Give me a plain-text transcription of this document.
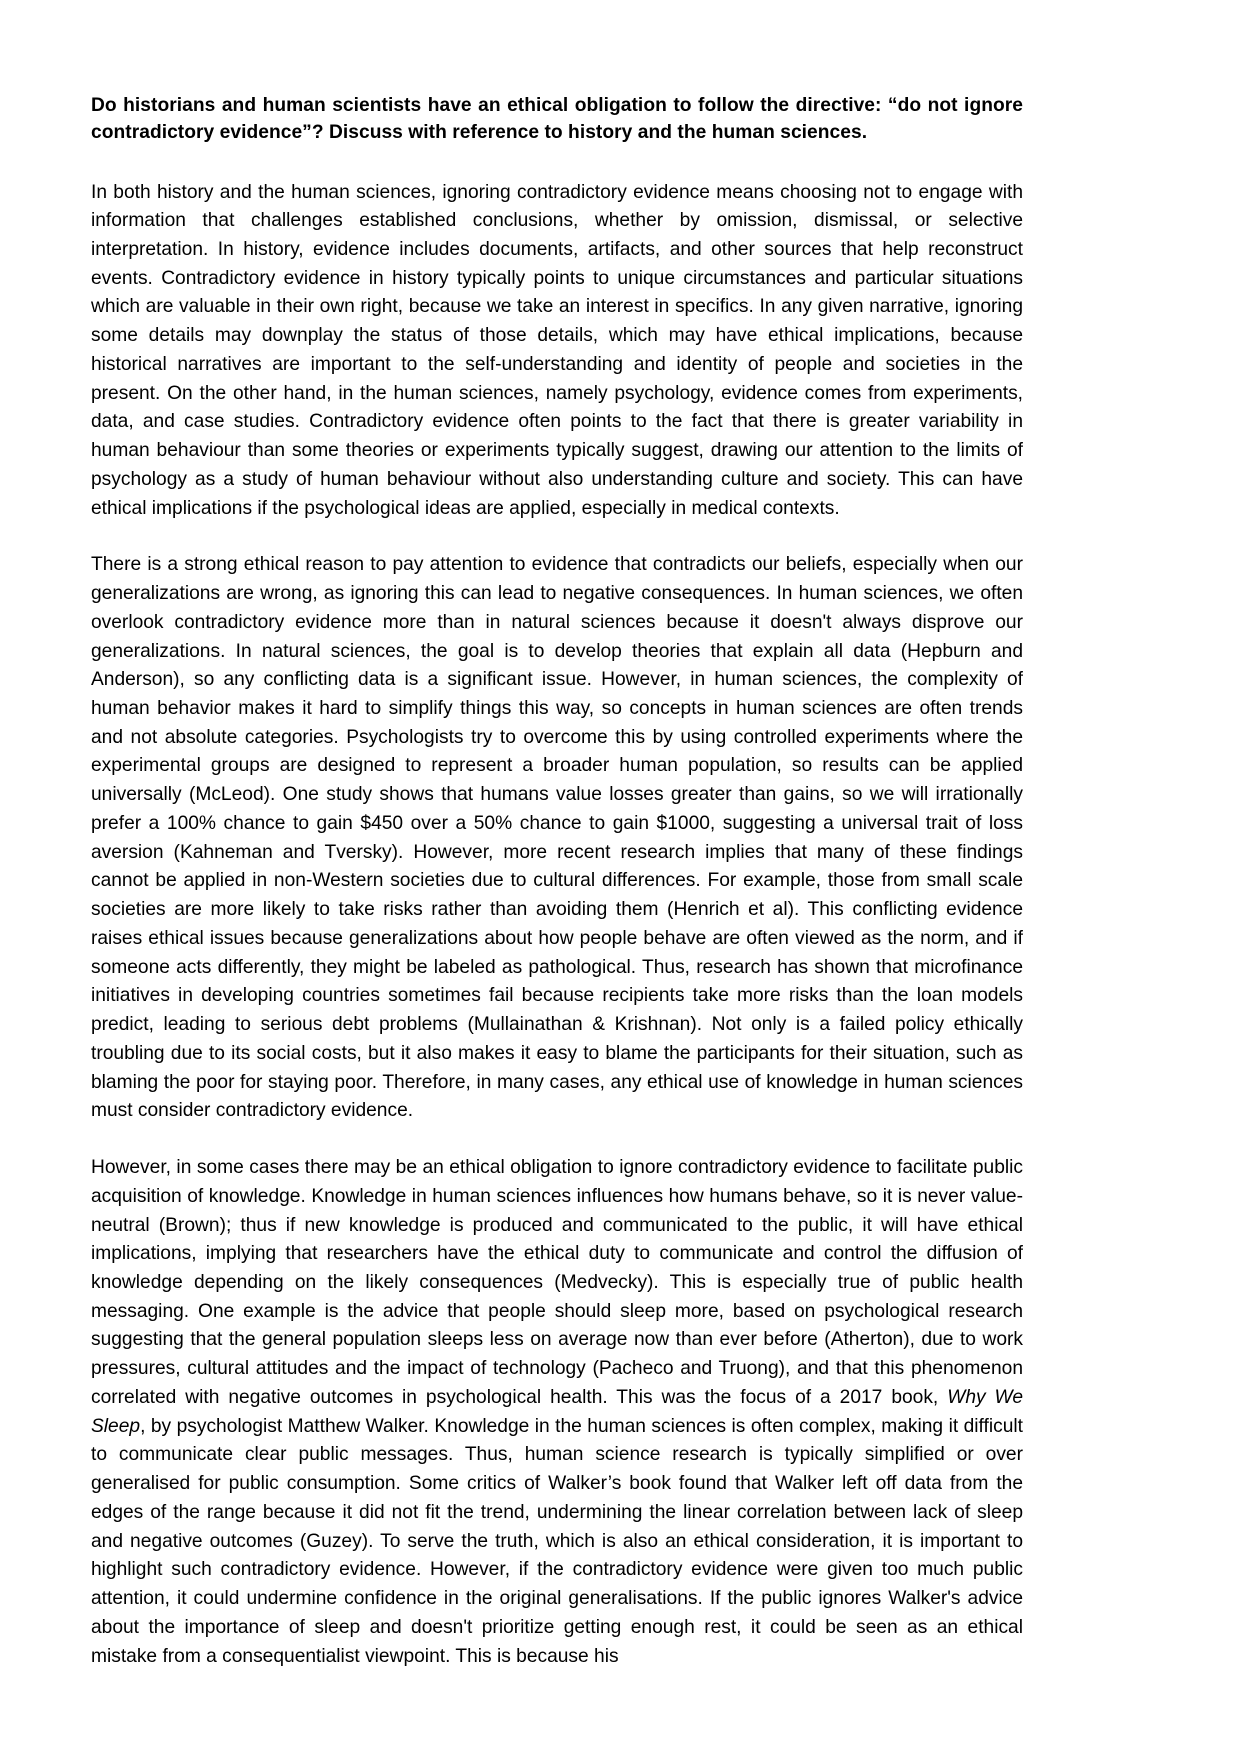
Do historians and human scientists have an ethical obligation to follow the directive: “do not ignore contradictory evidence”? Discuss with reference to history and the human sciences.

In both history and the human sciences, ignoring contradictory evidence means choosing not to engage with information that challenges established conclusions, whether by omission, dismissal, or selective interpretation. In history, evidence includes documents, artifacts, and other sources that help reconstruct events. Contradictory evidence in history typically points to unique circumstances and particular situations which are valuable in their own right, because we take an interest in specifics. In any given narrative, ignoring some details may downplay the status of those details, which may have ethical implications, because historical narratives are important to the self-understanding and identity of people and societies in the present. On the other hand, in the human sciences, namely psychology, evidence comes from experiments, data, and case studies. Contradictory evidence often points to the fact that there is greater variability in human behaviour than some theories or experiments typically suggest, drawing our attention to the limits of psychology as a study of human behaviour without also understanding culture and society. This can have ethical implications if the psychological ideas are applied, especially in medical contexts.

There is a strong ethical reason to pay attention to evidence that contradicts our beliefs, especially when our generalizations are wrong, as ignoring this can lead to negative consequences. In human sciences, we often overlook contradictory evidence more than in natural sciences because it doesn't always disprove our generalizations. In natural sciences, the goal is to develop theories that explain all data (Hepburn and Anderson), so any conflicting data is a significant issue. However, in human sciences, the complexity of human behavior makes it hard to simplify things this way, so concepts in human sciences are often trends and not absolute categories. Psychologists try to overcome this by using controlled experiments where the experimental groups are designed to represent a broader human population, so results can be applied universally (McLeod). One study shows that humans value losses greater than gains, so we will irrationally prefer a 100% chance to gain $450 over a 50% chance to gain $1000, suggesting a universal trait of loss aversion (Kahneman and Tversky). However, more recent research implies that many of these findings cannot be applied in non-Western societies due to cultural differences. For example, those from small scale societies are more likely to take risks rather than avoiding them (Henrich et al). This conflicting evidence raises ethical issues because generalizations about how people behave are often viewed as the norm, and if someone acts differently, they might be labeled as pathological. Thus, research has shown that microfinance initiatives in developing countries sometimes fail because recipients take more risks than the loan models predict, leading to serious debt problems (Mullainathan & Krishnan). Not only is a failed policy ethically troubling due to its social costs, but it also makes it easy to blame the participants for their situation, such as blaming the poor for staying poor. Therefore, in many cases, any ethical use of knowledge in human sciences must consider contradictory evidence.

However, in some cases there may be an ethical obligation to ignore contradictory evidence to facilitate public acquisition of knowledge. Knowledge in human sciences influences how humans behave, so it is never value-neutral (Brown); thus if new knowledge is produced and communicated to the public, it will have ethical implications, implying that researchers have the ethical duty to communicate and control the diffusion of knowledge depending on the likely consequences (Medvecky). This is especially true of public health messaging. One example is the advice that people should sleep more, based on psychological research suggesting that the general population sleeps less on average now than ever before (Atherton), due to work pressures, cultural attitudes and the impact of technology (Pacheco and Truong), and that this phenomenon correlated with negative outcomes in psychological health. This was the focus of a 2017 book, Why We Sleep, by psychologist Matthew Walker. Knowledge in the human sciences is often complex, making it difficult to communicate clear public messages. Thus, human science research is typically simplified or over generalised for public consumption. Some critics of Walker’s book found that Walker left off data from the edges of the range because it did not fit the trend, undermining the linear correlation between lack of sleep and negative outcomes (Guzey). To serve the truth, which is also an ethical consideration, it is important to highlight such contradictory evidence. However, if the contradictory evidence were given too much public attention, it could undermine confidence in the original generalisations. If the public ignores Walker's advice about the importance of sleep and doesn't prioritize getting enough rest, it could be seen as an ethical mistake from a consequentialist viewpoint. This is because his
